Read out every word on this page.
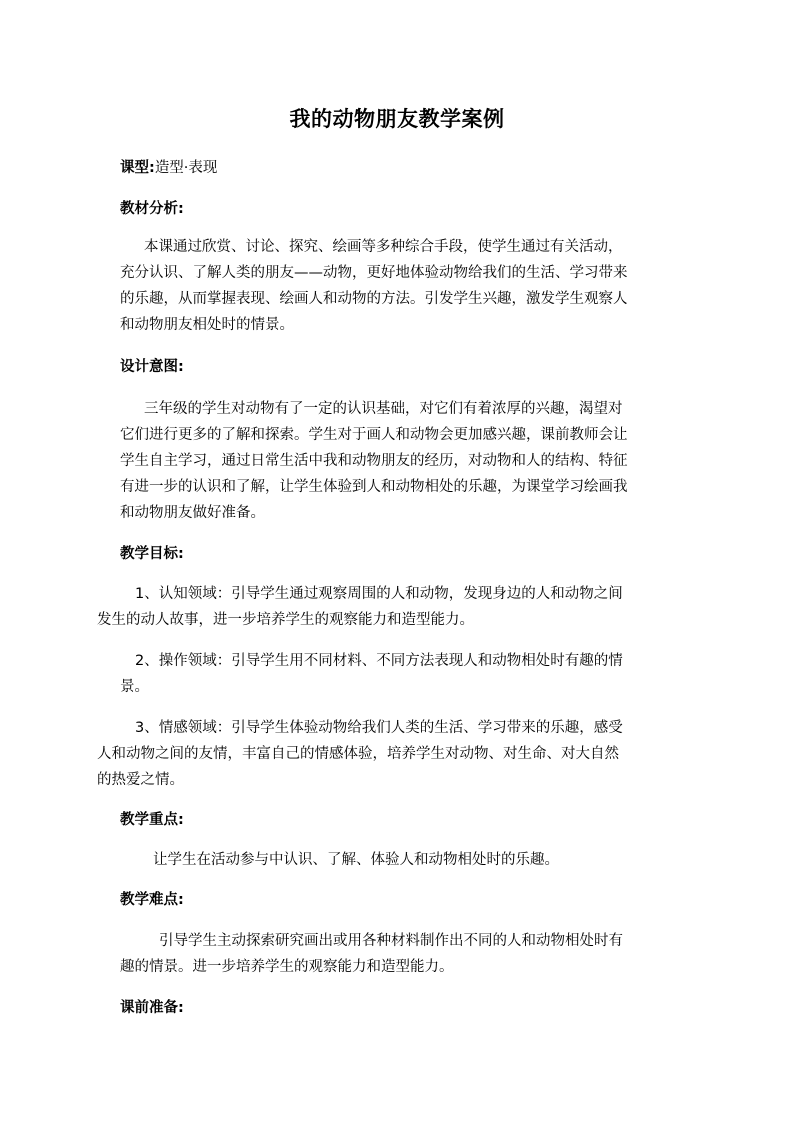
我的动物朋友教学案例
课型:造型·表现
教材分析:
本课通过欣赏、讨论、探究、绘画等多种综合手段，使学生通过有关活动，
充分认识、了解人类的朋友——动物，更好地体验动物给我们的生活、学习带来
的乐趣，从而掌握表现、绘画人和动物的方法。引发学生兴趣，激发学生观察人
和动物朋友相处时的情景。
设计意图:
三年级的学生对动物有了一定的认识基础，对它们有着浓厚的兴趣，渴望对
它们进行更多的了解和探索。学生对于画人和动物会更加感兴趣，课前教师会让
学生自主学习，通过日常生活中我和动物朋友的经历，对动物和人的结构、特征
有进一步的认识和了解，让学生体验到人和动物相处的乐趣，为课堂学习绘画我
和动物朋友做好准备。
教学目标:
1、认知领域：引导学生通过观察周围的人和动物，发现身边的人和动物之间
发生的动人故事，进一步培养学生的观察能力和造型能力。
2、操作领域：引导学生用不同材料、不同方法表现人和动物相处时有趣的情
景。
3、情感领域：引导学生体验动物给我们人类的生活、学习带来的乐趣，感受
人和动物之间的友情，丰富自己的情感体验，培养学生对动物、对生命、对大自然
的热爱之情。
教学重点:
让学生在活动参与中认识、了解、体验人和动物相处时的乐趣。
教学难点:
引导学生主动探索研究画出或用各种材料制作出不同的人和动物相处时有
趣的情景。进一步培养学生的观察能力和造型能力。
课前准备:
